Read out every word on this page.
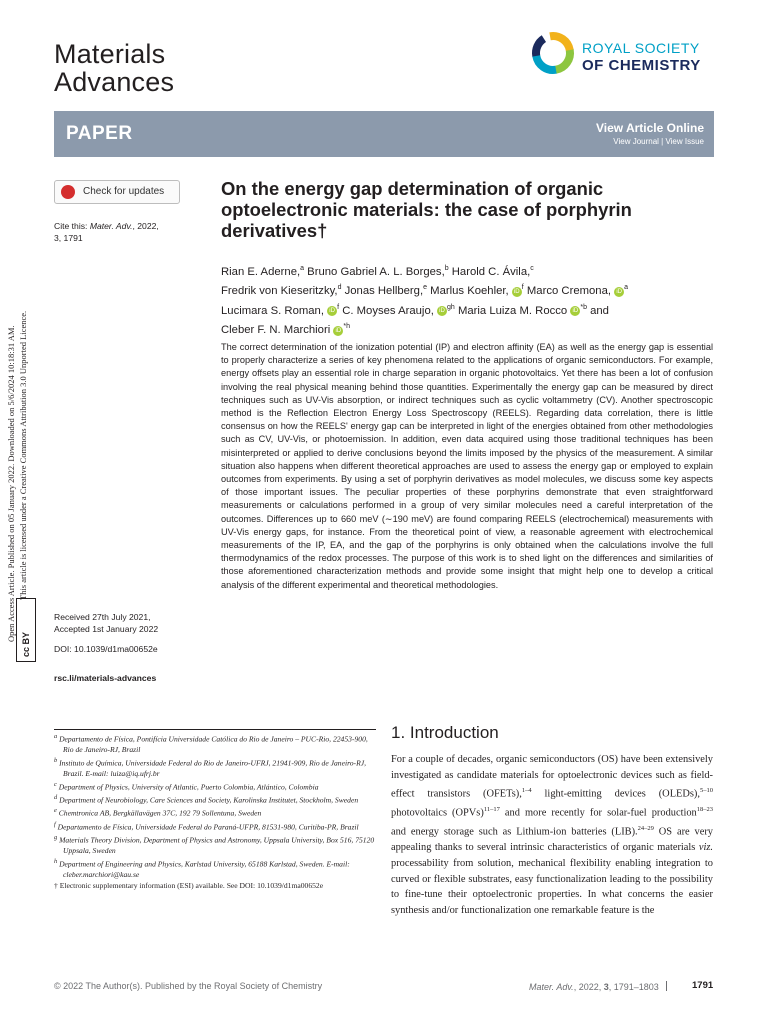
Materials
Advances
ROYAL SOCIETY
OF CHEMISTRY
PAPER	View Article Online
View Journal | View Issue
Open Access Article. Published on 05 January 2022. Downloaded on 5/6/2024 10:18:31 AM. This article is licensed under a Creative Commons Attribution 3.0 Unported Licence.
cc BY
Check for updates
Cite this: Mater. Adv., 2022,
3, 1791
Received 27th July 2021,
Accepted 1st January 2022
DOI: 10.1039/d1ma00652e
rsc.li/materials-advances
On the energy gap determination of organic optoelectronic materials: the case of porphyrin derivatives†
Rian E. Aderne,$^a$ Bruno Gabriel A. L. Borges,$^b$ Harold C. Ávila,$^c$
Fredrik von Kieseritzky,$^d$ Jonas Hellberg,$^e$ Marlus Koehler, $iD^f$ Marco Cremona, $iD^a$
Lucimara S. Roman, $iD^f$ C. Moyses Araujo, $iD^{gh}$ Maria Luiza M. Rocco $iD^{*b}$ and
Cleber F. N. Marchiori $iD^{*h}$
The correct determination of the ionization potential (IP) and electron affinity (EA) as well as the energy gap is essential to properly characterize a series of key phenomena related to the applications of organic semiconductors. For example, energy offsets play an essential role in charge separation in organic photovoltaics. Yet there has been a lot of confusion involving the real physical meaning behind those quantities. Experimentally the energy gap can be measured by direct techniques such as UV-Vis absorption, or indirect techniques such as cyclic voltammetry (CV). Another spectroscopic method is the Reflection Electron Energy Loss Spectroscopy (REELS). Regarding data correlation, there is little consensus on how the REELS' energy gap can be interpreted in light of the energies obtained from other methodologies such as CV, UV-Vis, or photoemission. In addition, even data acquired using those traditional techniques has been misinterpreted or applied to derive conclusions beyond the limits imposed by the physics of the measurement. A similar situation also happens when different theoretical approaches are used to assess the energy gap or employed to explain outcomes from experiments. By using a set of porphyrin derivatives as model molecules, we discuss some key aspects of those important issues. The peculiar properties of these porphyrins demonstrate that even straightforward measurements or calculations performed in a group of very similar molecules need a careful interpretation of the outcomes. Differences up to 660 meV (∼190 meV) are found comparing REELS (electrochemical) measurements with UV-Vis energy gaps, for instance. From the theoretical point of view, a reasonable agreement with electrochemical measurements of the IP, EA, and the gap of the porphyrins is only obtained when the calculations involve the full thermodynamics of the redox processes. The purpose of this work is to shed light on the differences and similarities of those aforementioned characterization methods and provide some insight that might help one to develop a critical analysis of the different experimental and theoretical methodologies.
$^a$ Departamento de Física, Pontifícia Universidade Católica do Rio de Janeiro – PUC-Rio, 22453-900, Rio de Janeiro-RJ, Brazil
$^b$ Instituto de Química, Universidade Federal do Rio de Janeiro-UFRJ, 21941-909, Rio de Janeiro-RJ, Brazil. E-mail: luiza@iq.ufrj.br
$^c$ Department of Physics, University of Atlantic, Puerto Colombia, Atlántico, Colombia
$^d$ Department of Neurobiology, Care Sciences and Society, Karolinska Institutet, Stockholm, Sweden
$^e$ Chemtronica AB, Bergkällavägen 37C, 192 79 Sollentuna, Sweden
$^f$ Departamento de Física, Universidade Federal do Paraná-UFPR, 81531-980, Curitiba-PR, Brazil
$^g$ Materials Theory Division, Department of Physics and Astronomy, Uppsala University, Box 516, 75120 Uppsala, Sweden
$^h$ Department of Engineering and Physics, Karlstad University, 65188 Karlstad, Sweden. E-mail: cleber.marchiori@kau.se
† Electronic supplementary information (ESI) available. See DOI: 10.1039/d1ma00652e
1. Introduction
For a couple of decades, organic semiconductors (OS) have been extensively investigated as candidate materials for optoelectronic devices such as field-effect transistors (OFETs),$^{1-4}$ light-emitting devices (OLEDs),$^{5-10}$ photovoltaics (OPVs)$^{11-17}$ and more recently for solar-fuel production$^{18-23}$ and energy storage such as Lithium-ion batteries (LIB).$^{24-29}$ OS are very appealing thanks to several intrinsic characteristics of organic materials viz. processability from solution, mechanical flexibility enabling integration to curved or flexible substrates, easy functionalization leading to the possibility to fine-tune their optoelectronic properties. In what concerns the easier synthesis and/or functionalization one remarkable feature is the
© 2022 The Author(s). Published by the Royal Society of Chemistry	Mater. Adv., 2022, 3, 1791–1803	1791
